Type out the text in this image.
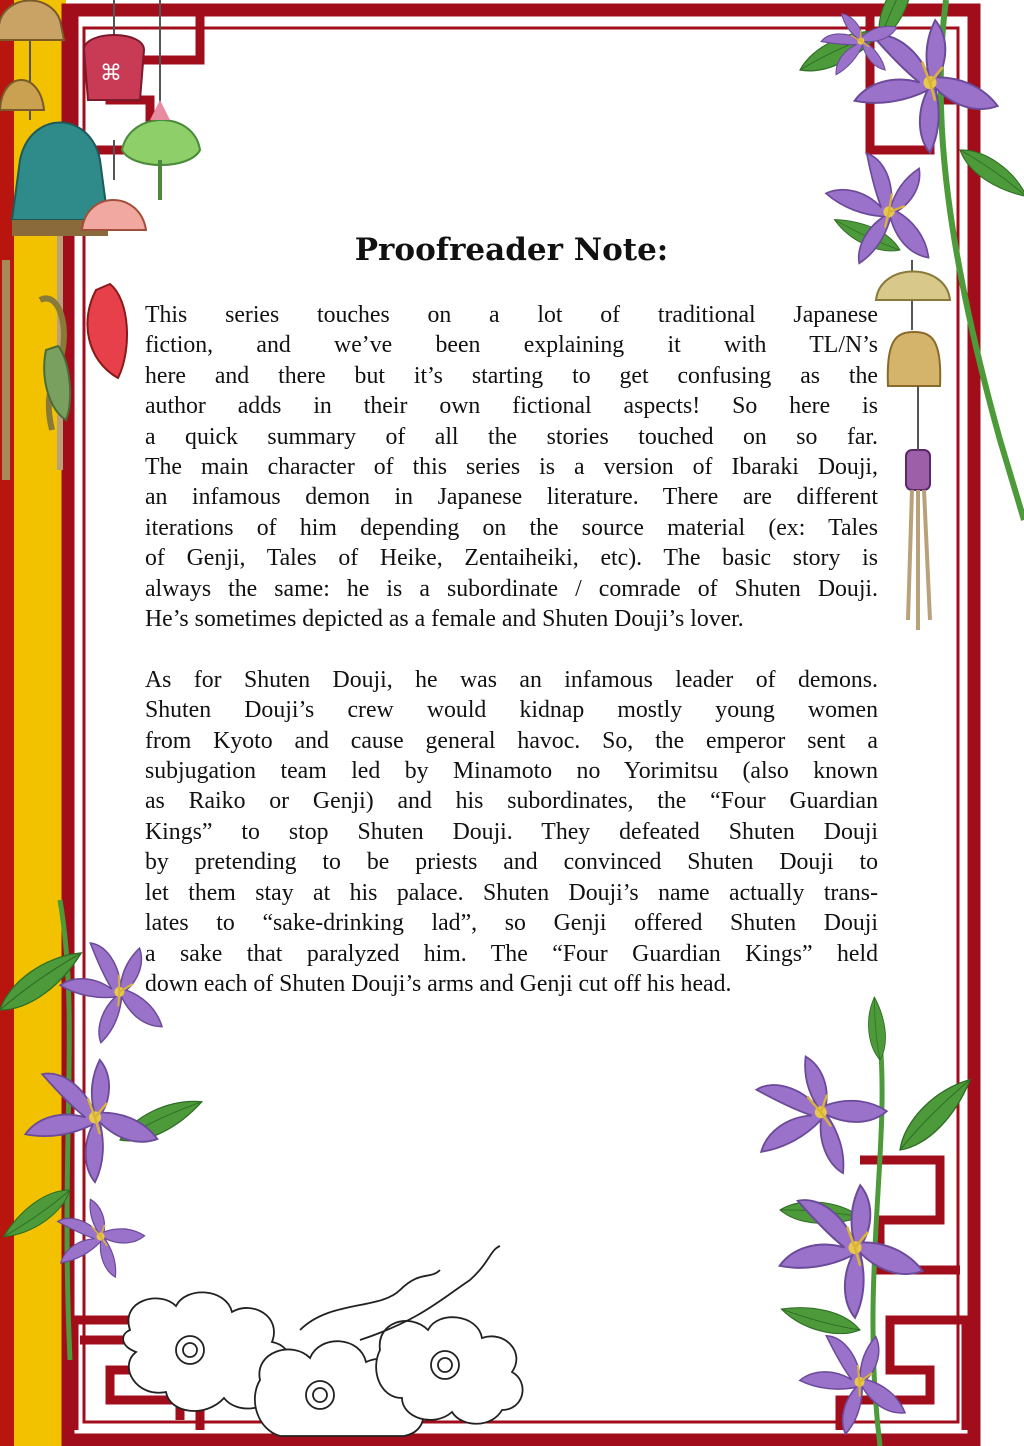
⌘
Proofreader Note:

This series touches on a lot of traditional Japanese
fiction, and we’ve been explaining it with TL/N’s
here and there but it’s starting to get confusing as the
author adds in their own fictional aspects! So here is
a quick summary of all the stories touched on so far.
The main character of this series is a version of Ibaraki Douji,
an infamous demon in Japanese literature. There are different
iterations of him depending on the source material (ex: Tales
of Genji, Tales of Heike, Zentaiheiki, etc). The basic story is
always the same: he is a subordinate / comrade of Shuten Douji.
He’s sometimes depicted as a female and Shuten Douji’s lover.

As for Shuten Douji, he was an infamous leader of demons.
Shuten Douji’s crew would kidnap mostly young women
from Kyoto and cause general havoc. So, the emperor sent a
subjugation team led by Minamoto no Yorimitsu (also known
as Raiko or Genji) and his subordinates, the “Four Guardian
Kings” to stop Shuten Douji. They defeated Shuten Douji
by pretending to be priests and convinced Shuten Douji to
let them stay at his palace. Shuten Douji’s name actually trans-
lates to “sake-drinking lad”, so Genji offered Shuten Douji
a sake that paralyzed him. The “Four Guardian Kings” held
down each of Shuten Douji’s arms and Genji cut off his head.
